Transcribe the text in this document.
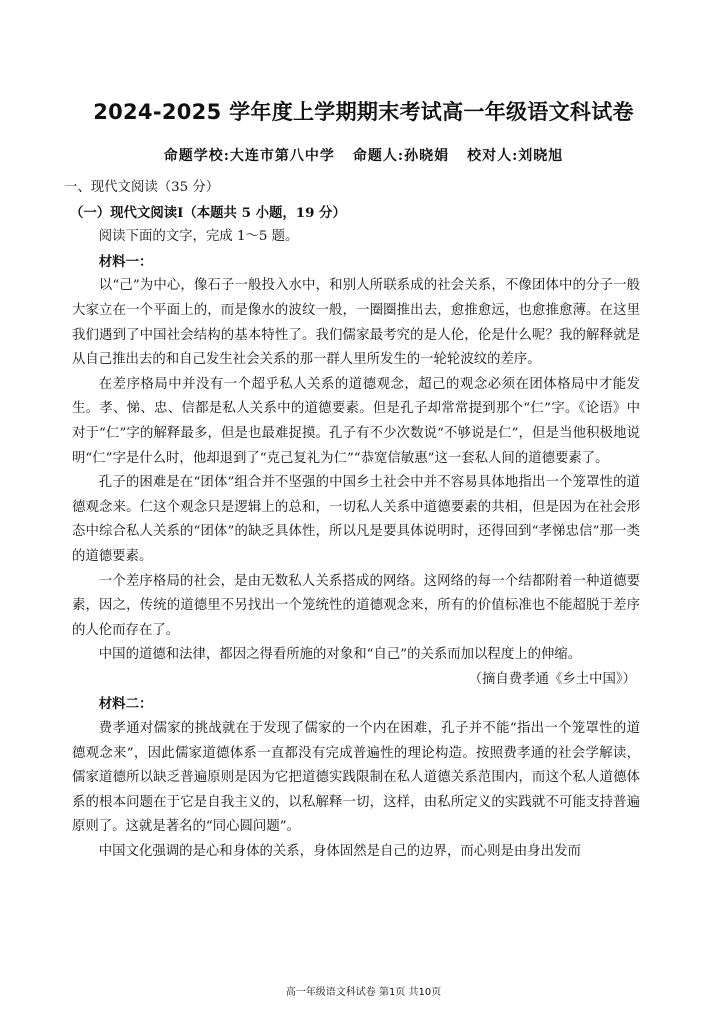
2024-2025 学年度上学期期末考试高一年级语文科试卷
命题学校:大连市第八中学 命题人:孙晓娟 校对人:刘晓旭

一、现代文阅读（35 分）

（一）现代文阅读Ⅰ（本题共 5 小题，19 分）

阅读下面的文字，完成 1～5 题。

材料一：

以“己”为中心，像石子一般投入水中，和别人所联系成的社会关系，不像团体中的分子一般大家立在一个平面上的，而是像水的波纹一般，一圈圈推出去，愈推愈远，也愈推愈薄。在这里我们遇到了中国社会结构的基本特性了。我们儒家最考究的是人伦，伦是什么呢？我的解释就是从自己推出去的和自己发生社会关系的那一群人里所发生的一轮轮波纹的差序。

在差序格局中并没有一个超乎私人关系的道德观念，超己的观念必须在团体格局中才能发生。孝、悌、忠、信都是私人关系中的道德要素。但是孔子却常常提到那个“仁”字。《论语》中对于“仁”字的解释最多，但是也最难捉摸。孔子有不少次数说“不够说是仁”，但是当他积极地说明“仁”字是什么时，他却退到了“克己复礼为仁”“恭宽信敏惠”这一套私人间的道德要素了。

孔子的困难是在“团体”组合并不坚强的中国乡土社会中并不容易具体地指出一个笼罩性的道德观念来。仁这个观念只是逻辑上的总和，一切私人关系中道德要素的共相，但是因为在社会形态中综合私人关系的“团体”的缺乏具体性，所以凡是要具体说明时，还得回到“孝悌忠信”那一类的道德要素。

一个差序格局的社会，是由无数私人关系搭成的网络。这网络的每一个结都附着一种道德要素，因之，传统的道德里不另找出一个笼统性的道德观念来，所有的价值标准也不能超脱于差序的人伦而存在了。

中国的道德和法律，都因之得看所施的对象和“自己”的关系而加以程度上的伸缩。

（摘自费孝通《乡土中国》）

材料二：

费孝通对儒家的挑战就在于发现了儒家的一个内在困难，孔子并不能“指出一个笼罩性的道德观念来”，因此儒家道德体系一直都没有完成普遍性的理论构造。按照费孝通的社会学解读，儒家道德所以缺乏普遍原则是因为它把道德实践限制在私人道德关系范围内，而这个私人道德体系的根本问题在于它是自我主义的，以私解释一切，这样，由私所定义的实践就不可能支持普遍原则了。这就是著名的“同心圆问题”。

中国文化强调的是心和身体的关系，身体固然是自己的边界，而心则是由身出发而

高一年级语文科试卷 第1页 共10页
